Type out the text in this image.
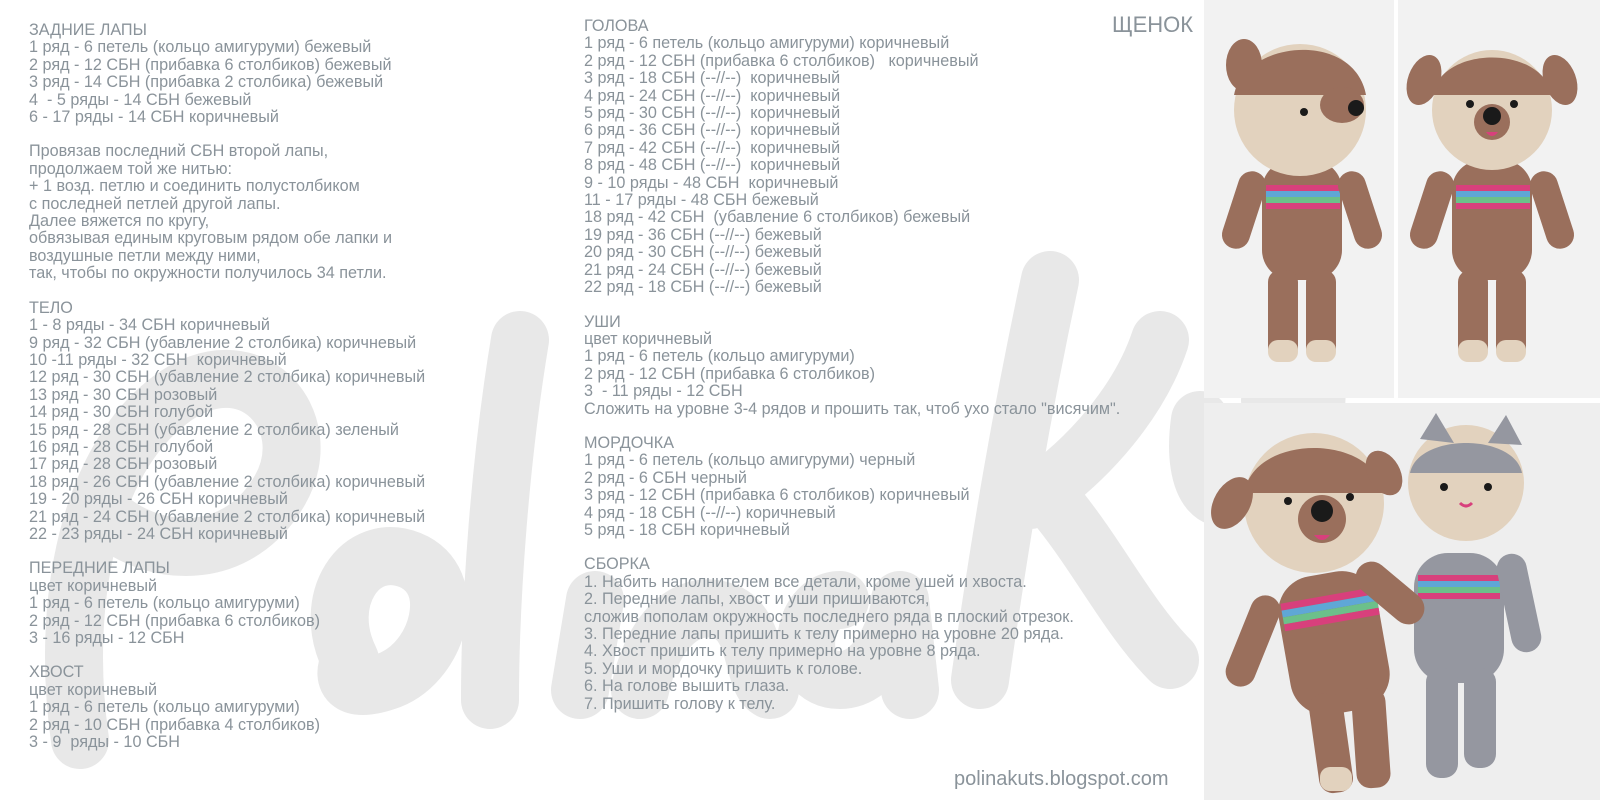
ЩЕНОК
ЗАДНИЕ ЛАПЫ
1 ряд - 6 петель (кольцо амигуруми) бежевый
2 ряд - 12 СБН (прибавка 6 столбиков) бежевый
3 ряд - 14 СБН (прибавка 2 столбика) бежевый
4  - 5 ряды - 14 СБН бежевый
6 - 17 ряды - 14 СБН коричневый
Провязав последний СБН второй лапы,
продолжаем той же нитью:
+ 1 возд. петлю и соединить полустолбиком
с последней петлей другой лапы.
Далее вяжется по кругу,
обвязывая единым круговым рядом обе лапки и
воздушные петли между ними,
так, чтобы по окружности получилось 34 петли.
ТЕЛО
1 - 8 ряды - 34 СБН коричневый
9 ряд - 32 СБН (убавление 2 столбика) коричневый
10 -11 ряды - 32 СБН  коричневый
12 ряд - 30 СБН (убавление 2 столбика) коричневый
13 ряд - 30 СБН розовый
14 ряд - 30 СБН голубой
15 ряд - 28 СБН (убавление 2 столбика) зеленый
16 ряд - 28 СБН голубой
17 ряд - 28 СБН розовый
18 ряд - 26 СБН (убавление 2 столбика) коричневый
19 - 20 ряды - 26 СБН коричневый
21 ряд - 24 СБН (убавление 2 столбика) коричневый
22 - 23 ряды - 24 СБН коричневый
ПЕРЕДНИЕ ЛАПЫ
цвет коричневый
1 ряд - 6 петель (кольцо амигуруми)
2 ряд - 12 СБН (прибавка 6 столбиков)
3 - 16 ряды - 12 СБН
ХВОСТ
цвет коричневый
1 ряд - 6 петель (кольцо амигуруми)
2 ряд - 10 СБН (прибавка 4 столбиков)
3 - 9  ряды - 10 СБН
ГОЛОВА
1 ряд - 6 петель (кольцо амигуруми) коричневый
2 ряд - 12 СБН (прибавка 6 столбиков)   коричневый
3 ряд - 18 СБН (--//--)  коричневый
4 ряд - 24 СБН (--//--)  коричневый
5 ряд - 30 СБН (--//--)  коричневый
6 ряд - 36 СБН (--//--)  коричневый
7 ряд - 42 СБН (--//--)  коричневый
8 ряд - 48 СБН (--//--)  коричневый
9 - 10 ряды - 48 СБН  коричневый
11 - 17 ряды - 48 СБН бежевый
18 ряд - 42 СБН  (убавление 6 столбиков) бежевый
19 ряд - 36 СБН (--//--) бежевый
20 ряд - 30 СБН (--//--) бежевый
21 ряд - 24 СБН (--//--) бежевый
22 ряд - 18 СБН (--//--) бежевый
УШИ
цвет коричневый
1 ряд - 6 петель (кольцо амигуруми)
2 ряд - 12 СБН (прибавка 6 столбиков)
3  - 11 ряды - 12 СБН
Сложить на уровне 3-4 рядов и прошить так, чтоб ухо стало "висячим".
МОРДОЧКА
1 ряд - 6 петель (кольцо амигуруми) черный
2 ряд - 6 СБН черный
3 ряд - 12 СБН (прибавка 6 столбиков) коричневый
4 ряд - 18 СБН (--//--) коричневый
5 ряд - 18 СБН коричневый
СБОРКА
1. Набить наполнителем все детали, кроме ушей и хвоста.
2. Передние лапы, хвост и уши пришиваются,
сложив пополам окружность последнего ряда в плоский отрезок.
3. Передние лапы пришить к телу примерно на уровне 20 ряда.
4. Хвост пришить к телу примерно на уровне 8 ряда.
5. Уши и мордочку пришить к голове.
6. На голове вышить глаза.
7. Пришить голову к телу.
polinakuts.blogspot.com
